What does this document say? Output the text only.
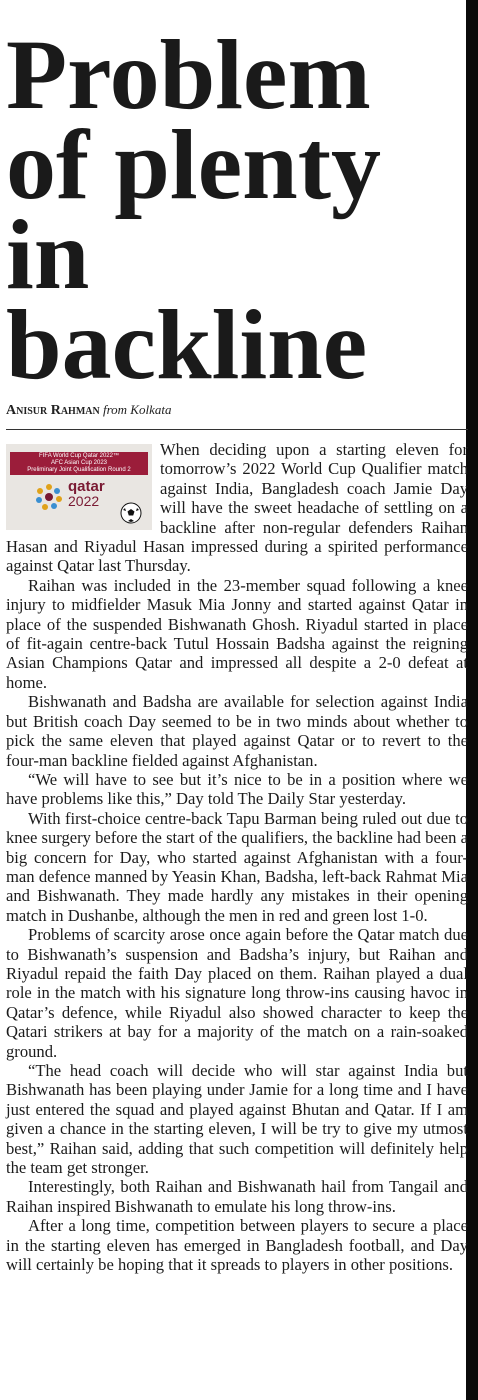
Problem of plenty in backline
Anisur Rahman from Kolkata
FIFA World Cup Qatar 2022™
AFC Asian Cup 2023
Preliminary Joint Qualification Round 2
qatar
2022

When deciding upon a starting eleven for tomorrow’s 2022 World Cup Qualifier match against India, Bangladesh coach Jamie Day will have the sweet headache of settling on a backline after non-regular defenders Raihan Hasan and Riyadul Hasan impressed during a spirited performance against Qatar last Thursday.

Raihan was included in the 23-member squad following a knee injury to midfielder Masuk Mia Jonny and started against Qatar in place of the suspended Bishwanath Ghosh. Riyadul started in place of fit-again centre-back Tutul Hossain Badsha against the reigning Asian Champions Qatar and impressed all despite a 2-0 defeat at home.

Bishwanath and Badsha are available for selection against India but British coach Day seemed to be in two minds about whether to pick the same eleven that played against Qatar or to revert to the four-man backline fielded against Afghanistan.

“We will have to see but it’s nice to be in a position where we have problems like this,” Day told The Daily Star yesterday.

With first-choice centre-back Tapu Barman being ruled out due to knee surgery before the start of the qualifiers, the backline had been a big concern for Day, who started against Afghanistan with a four-man defence manned by Yeasin Khan, Badsha, left-back Rahmat Mia and Bishwanath. They made hardly any mistakes in their opening match in Dushanbe, although the men in red and green lost 1-0.

Problems of scarcity arose once again before the Qatar match due to Bishwanath’s suspension and Badsha’s injury, but Raihan and Riyadul repaid the faith Day placed on them. Raihan played a dual role in the match with his signature long throw-ins causing havoc in Qatar’s defence, while Riyadul also showed character to keep the Qatari strikers at bay for a majority of the match on a rain-soaked ground.

“The head coach will decide who will star against India but Bishwanath has been playing under Jamie for a long time and I have just entered the squad and played against Bhutan and Qatar. If I am given a chance in the starting eleven, I will be try to give my utmost best,” Raihan said, adding that such competition will definitely help the team get stronger.

Interestingly, both Raihan and Bishwanath hail from Tangail and Raihan inspired Bishwanath to emulate his long throw-ins.

After a long time, competition between players to secure a place in the starting eleven has emerged in Bangladesh football, and Day will certainly be hoping that it spreads to players in other positions.
